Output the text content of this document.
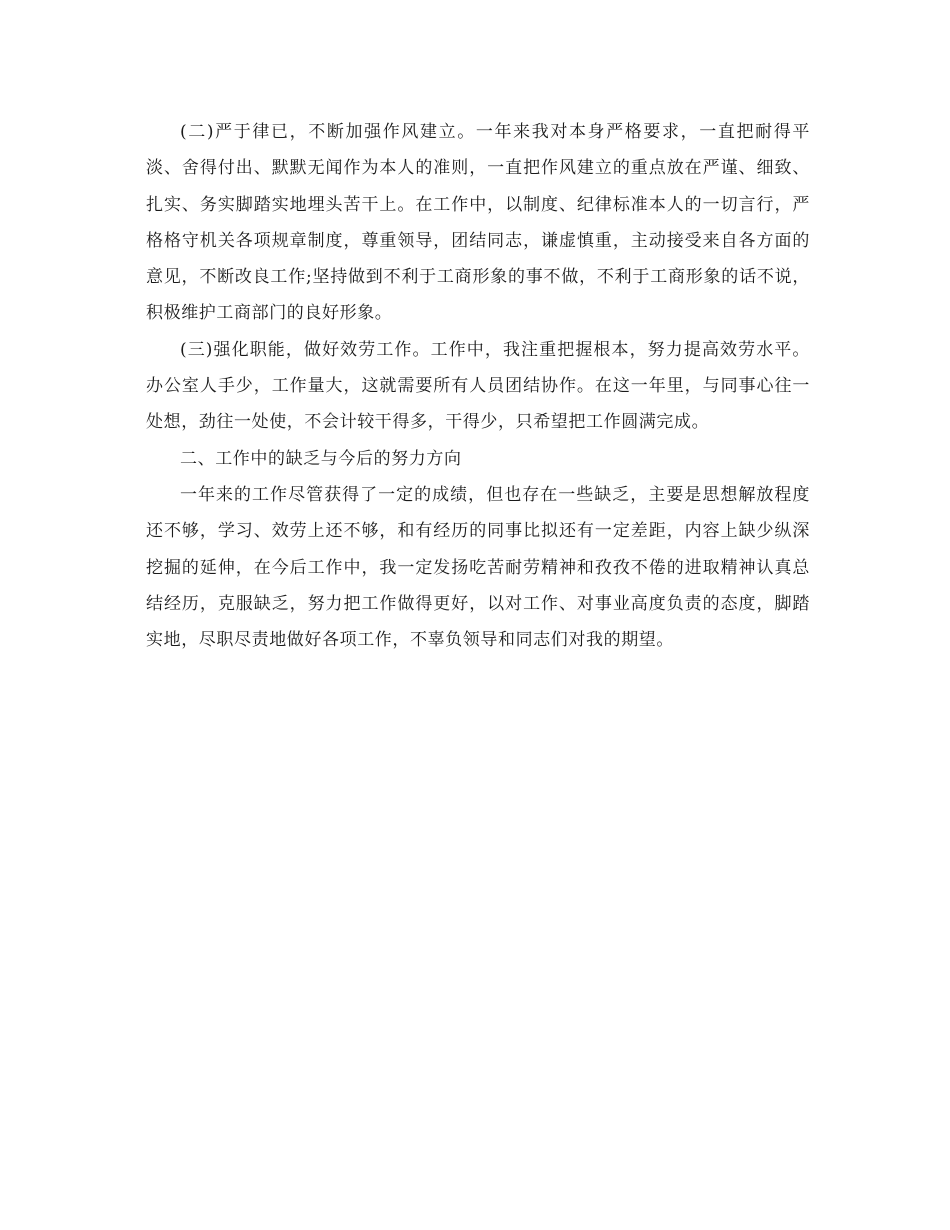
(二)严于律已，不断加强作风建立。一年来我对本身严格要求，一直把耐得平淡、舍得付出、默默无闻作为本人的准则，一直把作风建立的重点放在严谨、细致、扎实、务实脚踏实地埋头苦干上。在工作中，以制度、纪律标准本人的一切言行，严格格守机关各项规章制度，尊重领导，团结同志，谦虚慎重，主动接受来自各方面的意见，不断改良工作;坚持做到不利于工商形象的事不做，不利于工商形象的话不说，积极维护工商部门的良好形象。

(三)强化职能，做好效劳工作。工作中，我注重把握根本，努力提高效劳水平。办公室人手少，工作量大，这就需要所有人员团结协作。在这一年里，与同事心往一处想，劲往一处使，不会计较干得多，干得少，只希望把工作圆满完成。

二、工作中的缺乏与今后的努力方向

一年来的工作尽管获得了一定的成绩，但也存在一些缺乏，主要是思想解放程度还不够，学习、效劳上还不够，和有经历的同事比拟还有一定差距，内容上缺少纵深挖掘的延伸，在今后工作中，我一定发扬吃苦耐劳精神和孜孜不倦的进取精神认真总结经历，克服缺乏，努力把工作做得更好，以对工作、对事业高度负责的态度，脚踏实地，尽职尽责地做好各项工作，不辜负领导和同志们对我的期望。
